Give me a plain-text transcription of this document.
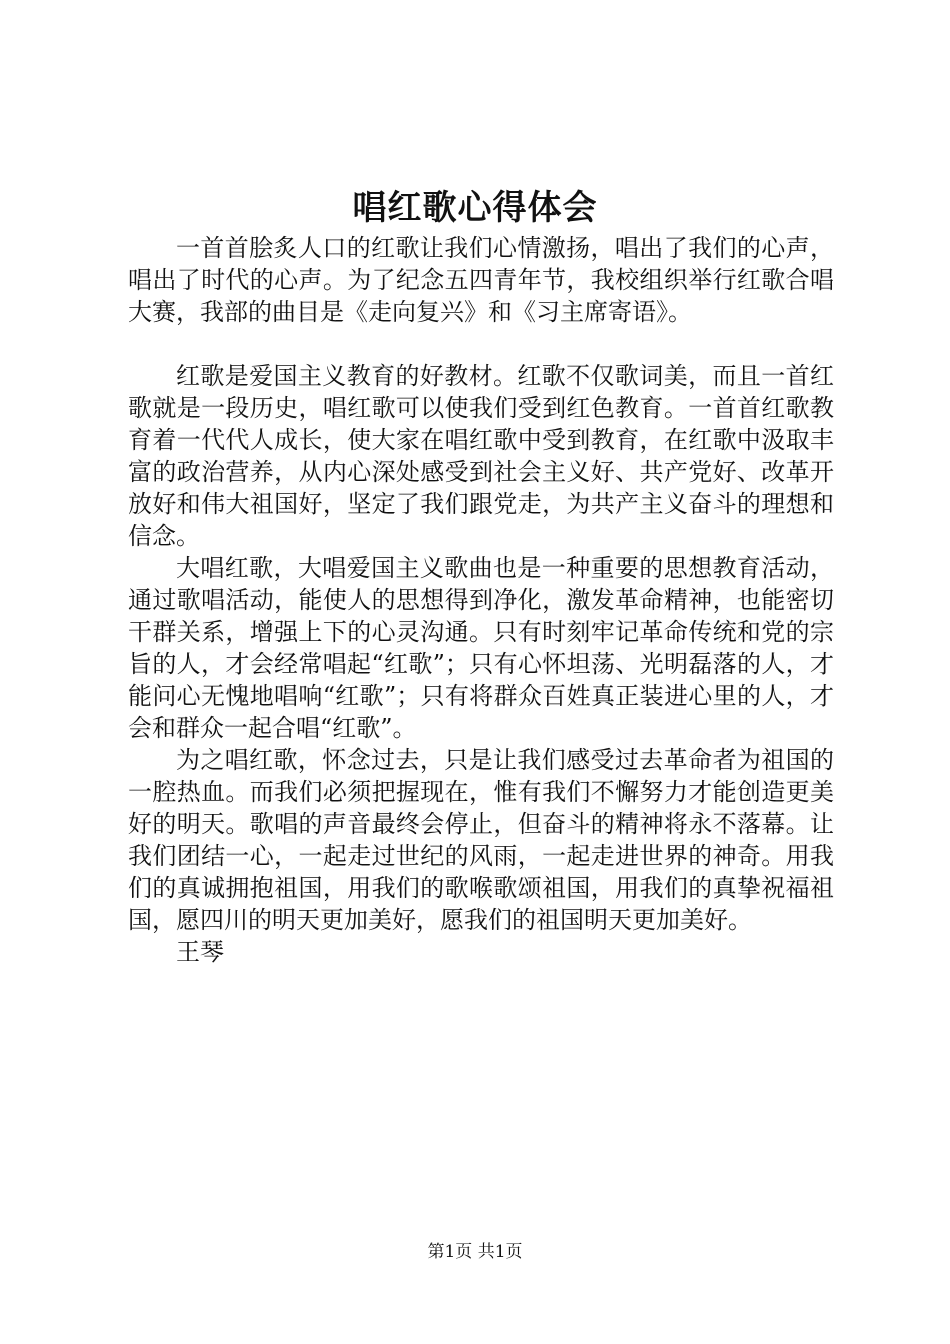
唱红歌心得体会

一首首脍炙人口的红歌让我们心情激扬，唱出了我们的心声，唱出了时代的心声。为了纪念五四青年节，我校组织举行红歌合唱大赛，我部的曲目是《走向复兴》和《习主席寄语》。

红歌是爱国主义教育的好教材。红歌不仅歌词美，而且一首红歌就是一段历史，唱红歌可以使我们受到红色教育。一首首红歌教育着一代代人成长，使大家在唱红歌中受到教育，在红歌中汲取丰富的政治营养，从内心深处感受到社会主义好、共产党好、改革开放好和伟大祖国好，坚定了我们跟党走，为共产主义奋斗的理想和信念。

大唱红歌，大唱爱国主义歌曲也是一种重要的思想教育活动，通过歌唱活动，能使人的思想得到净化，激发革命精神，也能密切干群关系，增强上下的心灵沟通。只有时刻牢记革命传统和党的宗旨的人，才会经常唱起“红歌”；只有心怀坦荡、光明磊落的人，才能问心无愧地唱响“红歌”；只有将群众百姓真正装进心里的人，才会和群众一起合唱“红歌”。

为之唱红歌，怀念过去，只是让我们感受过去革命者为祖国的一腔热血。而我们必须把握现在，惟有我们不懈努力才能创造更美好的明天。歌唱的声音最终会停止，但奋斗的精神将永不落幕。让我们团结一心，一起走过世纪的风雨，一起走进世界的神奇。用我们的真诚拥抱祖国，用我们的歌喉歌颂祖国，用我们的真挚祝福祖国，愿四川的明天更加美好，愿我们的祖国明天更加美好。

王琴

第1页 共1页
